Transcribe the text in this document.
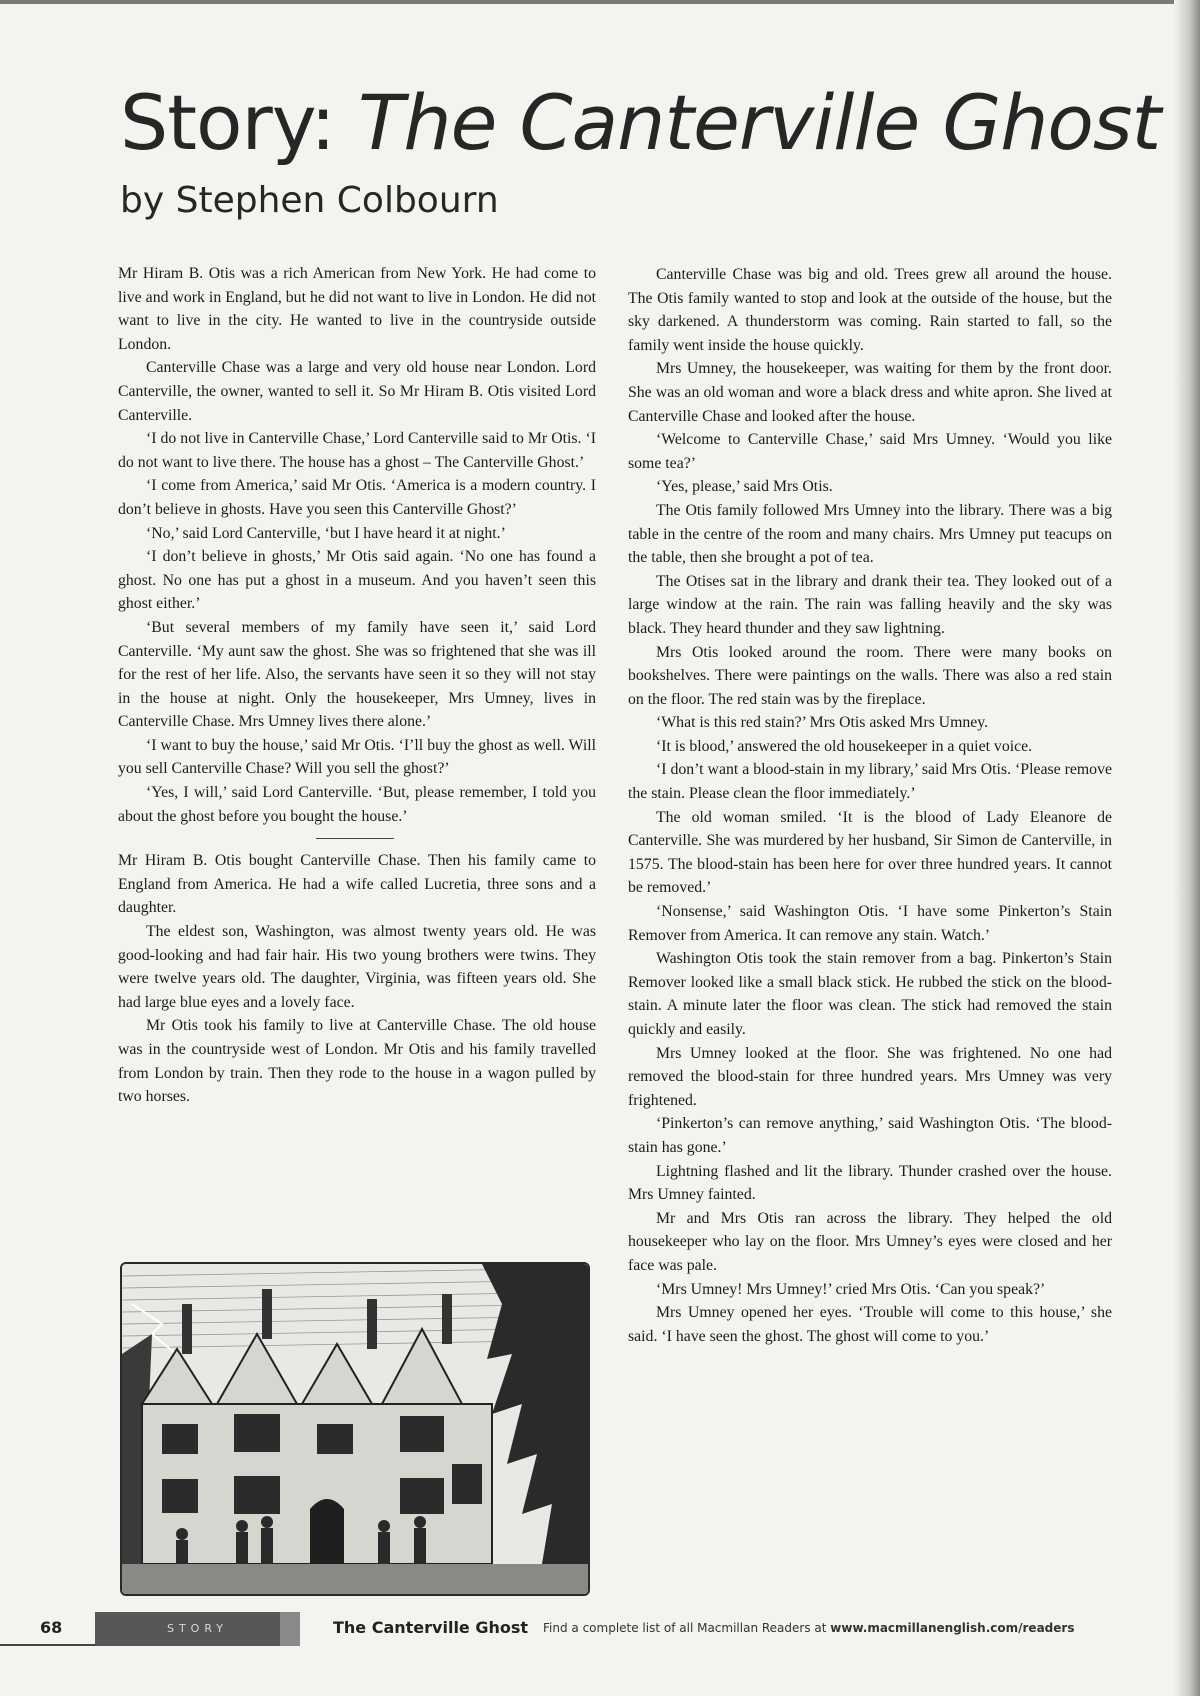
Story: The Canterville Ghost
by Stephen Colbourn

Mr Hiram B. Otis was a rich American from New York. He had come to live and work in England, but he did not want to live in London. He did not want to live in the city. He wanted to live in the countryside outside London.

Canterville Chase was a large and very old house near London. Lord Canterville, the owner, wanted to sell it. So Mr Hiram B. Otis visited Lord Canterville.

‘I do not live in Canterville Chase,’ Lord Canterville said to Mr Otis. ‘I do not want to live there. The house has a ghost – The Canterville Ghost.’

‘I come from America,’ said Mr Otis. ‘America is a modern country. I don’t believe in ghosts. Have you seen this Canterville Ghost?’

‘No,’ said Lord Canterville, ‘but I have heard it at night.’

‘I don’t believe in ghosts,’ Mr Otis said again. ‘No one has found a ghost. No one has put a ghost in a museum. And you haven’t seen this ghost either.’

‘But several members of my family have seen it,’ said Lord Canterville. ‘My aunt saw the ghost. She was so frightened that she was ill for the rest of her life. Also, the servants have seen it so they will not stay in the house at night. Only the housekeeper, Mrs Umney, lives in Canterville Chase. Mrs Umney lives there alone.’

‘I want to buy the house,’ said Mr Otis. ‘I’ll buy the ghost as well. Will you sell Canterville Chase? Will you sell the ghost?’

‘Yes, I will,’ said Lord Canterville. ‘But, please remember, I told you about the ghost before you bought the house.’

Mr Hiram B. Otis bought Canterville Chase. Then his family came to England from America. He had a wife called Lucretia, three sons and a daughter.

The eldest son, Washington, was almost twenty years old. He was good-looking and had fair hair. His two young brothers were twins. They were twelve years old. The daughter, Virginia, was fifteen years old. She had large blue eyes and a lovely face.

Mr Otis took his family to live at Canterville Chase. The old house was in the countryside west of London. Mr Otis and his family travelled from London by train. Then they rode to the house in a wagon pulled by two horses.

Canterville Chase was big and old. Trees grew all around the house. The Otis family wanted to stop and look at the outside of the house, but the sky darkened. A thunderstorm was coming. Rain started to fall, so the family went inside the house quickly.

Mrs Umney, the housekeeper, was waiting for them by the front door. She was an old woman and wore a black dress and white apron. She lived at Canterville Chase and looked after the house.

‘Welcome to Canterville Chase,’ said Mrs Umney. ‘Would you like some tea?’

‘Yes, please,’ said Mrs Otis.

The Otis family followed Mrs Umney into the library. There was a big table in the centre of the room and many chairs. Mrs Umney put teacups on the table, then she brought a pot of tea.

The Otises sat in the library and drank their tea. They looked out of a large window at the rain. The rain was falling heavily and the sky was black. They heard thunder and they saw lightning.

Mrs Otis looked around the room. There were many books on bookshelves. There were paintings on the walls. There was also a red stain on the floor. The red stain was by the fireplace.

‘What is this red stain?’ Mrs Otis asked Mrs Umney.

‘It is blood,’ answered the old housekeeper in a quiet voice.

‘I don’t want a blood-stain in my library,’ said Mrs Otis. ‘Please remove the stain. Please clean the floor immediately.’

The old woman smiled. ‘It is the blood of Lady Eleanore de Canterville. She was murdered by her husband, Sir Simon de Canterville, in 1575. The blood-stain has been here for over three hundred years. It cannot be removed.’

‘Nonsense,’ said Washington Otis. ‘I have some Pinkerton’s Stain Remover from America. It can remove any stain. Watch.’

Washington Otis took the stain remover from a bag. Pinkerton’s Stain Remover looked like a small black stick. He rubbed the stick on the blood-stain. A minute later the floor was clean. The stick had removed the stain quickly and easily.

Mrs Umney looked at the floor. She was frightened. No one had removed the blood-stain for three hundred years. Mrs Umney was very frightened.

‘Pinkerton’s can remove anything,’ said Washington Otis. ‘The blood-stain has gone.’

Lightning flashed and lit the library. Thunder crashed over the house. Mrs Umney fainted.

Mr and Mrs Otis ran across the library. They helped the old housekeeper who lay on the floor. Mrs Umney’s eyes were closed and her face was pale.

‘Mrs Umney! Mrs Umney!’ cried Mrs Otis. ‘Can you speak?’

Mrs Umney opened her eyes. ‘Trouble will come to this house,’ she said. ‘I have seen the ghost. The ghost will come to you.’

68	STORY	The Canterville Ghost Find a complete list of all Macmillan Readers at www.macmillanenglish.com/readers
